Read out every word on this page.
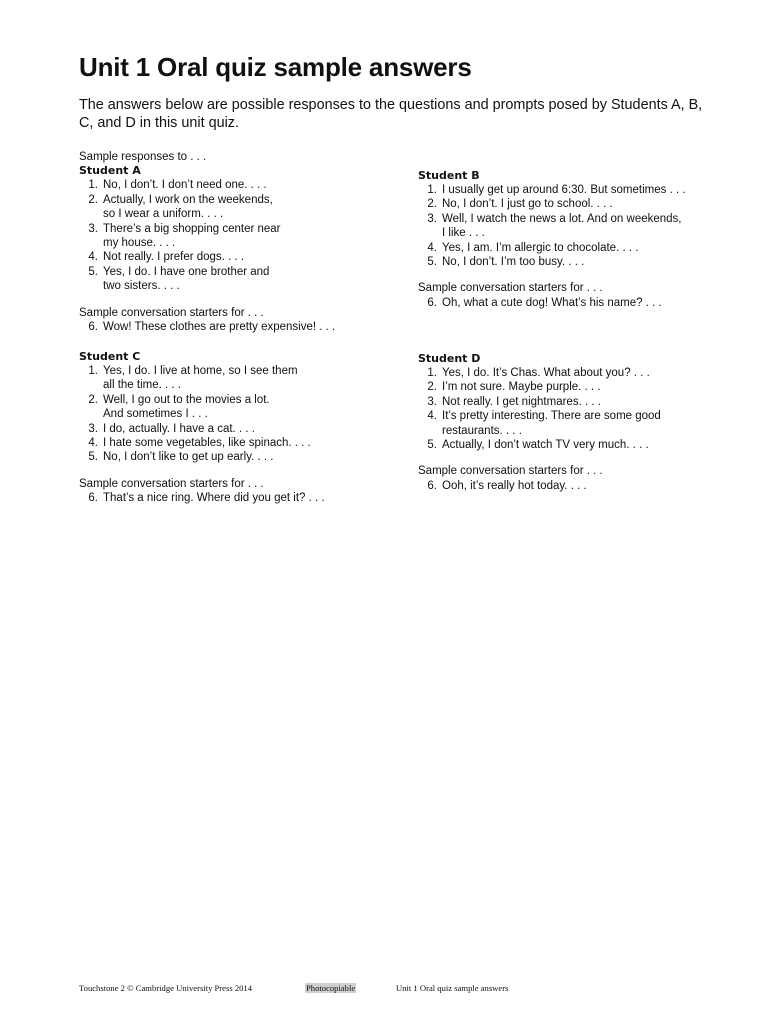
Unit 1 Oral quiz sample answers

The answers below are possible responses to the questions and prompts posed by Students A, B, C, and D in this unit quiz.

Sample responses to . . .

Student A
1. No, I don’t. I don’t need one. . . .
2. Actually, I work on the weekends,
so I wear a uniform. . . .
3. There’s a big shopping center near
my house. . . .
4. Not really. I prefer dogs. . . .
5. Yes, I do. I have one brother and
two sisters. . . .

Sample conversation starters for . . .

6. Wow! These clothes are pretty expensive! . . .
Student C
1. Yes, I do. I live at home, so I see them
all the time. . . .
2. Well, I go out to the movies a lot.
And sometimes I . . .
3. I do, actually. I have a cat. . . .
4. I hate some vegetables, like spinach. . . .
5. No, I don’t like to get up early. . . .

Sample conversation starters for . . .

6. That’s a nice ring. Where did you get it? . . .
Student B
1. I usually get up around 6:30. But sometimes . . .
2. No, I don’t. I just go to school. . . .
3. Well, I watch the news a lot. And on weekends,
I like . . .
4. Yes, I am. I’m allergic to chocolate. . . .
5. No, I don’t. I’m too busy. . . .

Sample conversation starters for . . .

6. Oh, what a cute dog! What’s his name? . . .
Student D
1. Yes, I do. It’s Chas. What about you? . . .
2. I’m not sure. Maybe purple. . . .
3. Not really. I get nightmares. . . .
4. It’s pretty interesting. There are some good
restaurants. . . .
5. Actually, I don’t watch TV very much. . . .

Sample conversation starters for . . .

6. Ooh, it’s really hot today. . . .
Touchstone 2 © Cambridge University Press 2014	Photocopiable	Unit 1 Oral quiz sample answers
